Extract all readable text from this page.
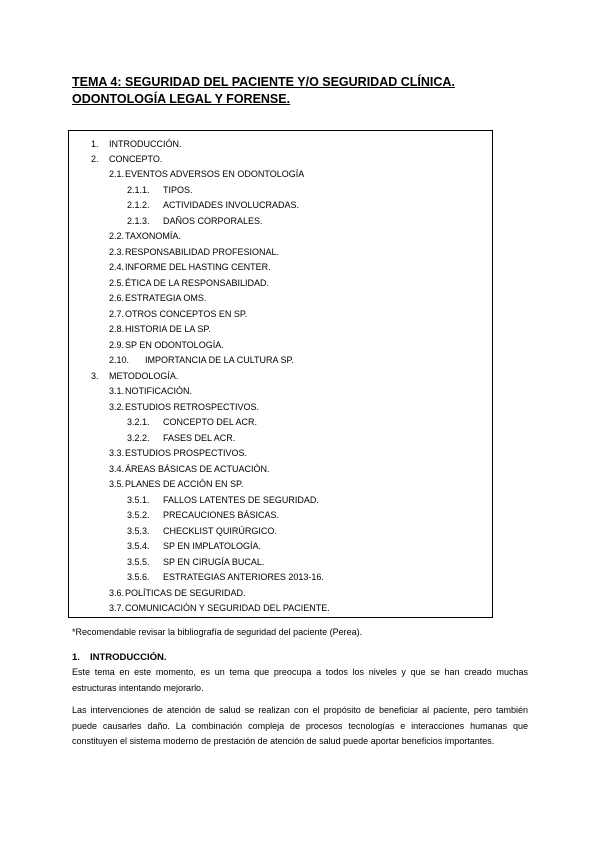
TEMA 4: SEGURIDAD DEL PACIENTE Y/O SEGURIDAD CLÍNICA. ODONTOLOGÍA LEGAL Y FORENSE.
1. INTRODUCCIÓN.
2. CONCEPTO.
2.1.EVENTOS ADVERSOS EN ODONTOLOGÍA
2.1.1. TIPOS.
2.1.2. ACTIVIDADES INVOLUCRADAS.
2.1.3. DAÑOS CORPORALES.
2.2.TAXONOMÍA.
2.3.RESPONSABILIDAD PROFESIONAL.
2.4.INFORME DEL HASTING CENTER.
2.5.ÉTICA DE LA RESPONSABILIDAD.
2.6.ESTRATEGIA OMS.
2.7.OTROS CONCEPTOS EN SP.
2.8.HISTORIA DE LA SP.
2.9.SP EN ODONTOLOGÍA.
2.10. IMPORTANCIA DE LA CULTURA SP.
3. METODOLOGÍA.
3.1.NOTIFICACIÓN.
3.2.ESTUDIOS RETROSPECTIVOS.
3.2.1. CONCEPTO DEL ACR.
3.2.2. FASES DEL ACR.
3.3.ESTUDIOS PROSPECTIVOS.
3.4.ÁREAS BÁSICAS DE ACTUACIÓN.
3.5.PLANES DE ACCIÓN EN SP.
3.5.1. FALLOS LATENTES DE SEGURIDAD.
3.5.2. PRECAUCIONES BÁSICAS.
3.5.3. CHECKLIST QUIRÚRGICO.
3.5.4. SP EN IMPLATOLOGÍA.
3.5.5. SP EN CIRUGÍA BUCAL.
3.5.6. ESTRATEGIAS ANTERIORES 2013-16.
3.6.POLÍTICAS DE SEGURIDAD.
3.7.COMUNICACIÓN Y SEGURIDAD DEL PACIENTE.
*Recomendable revisar la bibliografía de seguridad del paciente (Perea).
1. INTRODUCCIÓN.
Este tema en este momento, es un tema que preocupa a todos los niveles y que se han creado muchas estructuras intentando mejorarlo.
Las intervenciones de atención de salud se realizan con el propósito de beneficiar al paciente, pero también puede causarles daño. La combinación compleja de procesos tecnologías e interacciones humanas que constituyen el sistema moderno de prestación de atención de salud puede aportar beneficios importantes.
